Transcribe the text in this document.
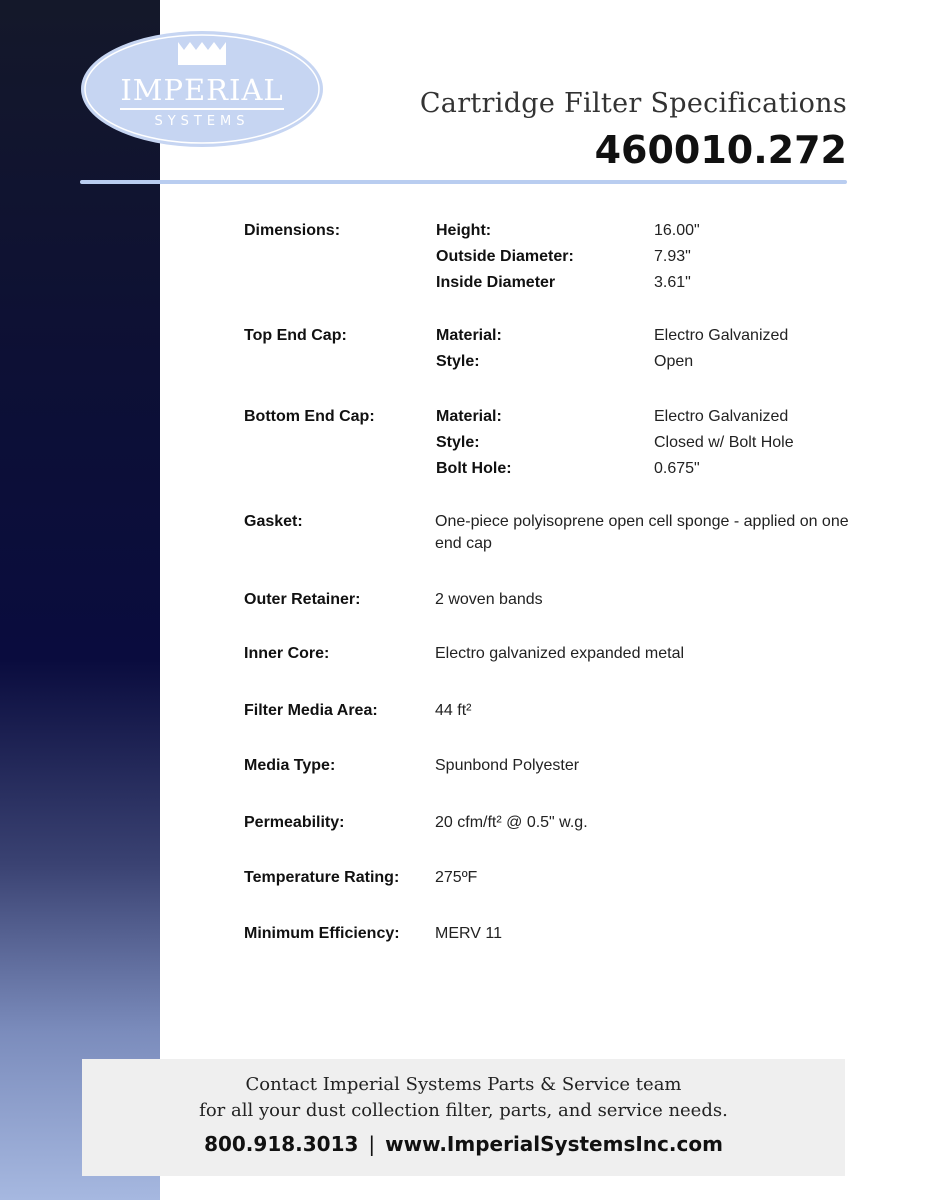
IMPERIAL
SYSTEMS
Cartridge Filter Specifications
460010.272
Dimensions:	Height:	16.00"
Outside Diameter:	7.93"
Inside Diameter	3.61"
Top End Cap:	Material:	Electro Galvanized
Style:	Open
Bottom End Cap:	Material:	Electro Galvanized
Style:	Closed w/ Bolt Hole
Bolt Hole:	0.675"
Gasket:	One-piece polyisoprene open cell sponge - applied on one end cap
Outer Retainer:	2 woven bands
Inner Core:	Electro galvanized expanded metal
Filter Media Area:	44 ft²
Media Type:	Spunbond Polyester
Permeability:	20 cfm/ft² @ 0.5" w.g.
Temperature Rating: 275ºF
Minimum Efficiency: MERV 11
Contact Imperial Systems Parts & Service team
for all your dust collection filter, parts, and service needs.
800.918.3013 | www.ImperialSystemsInc.com
